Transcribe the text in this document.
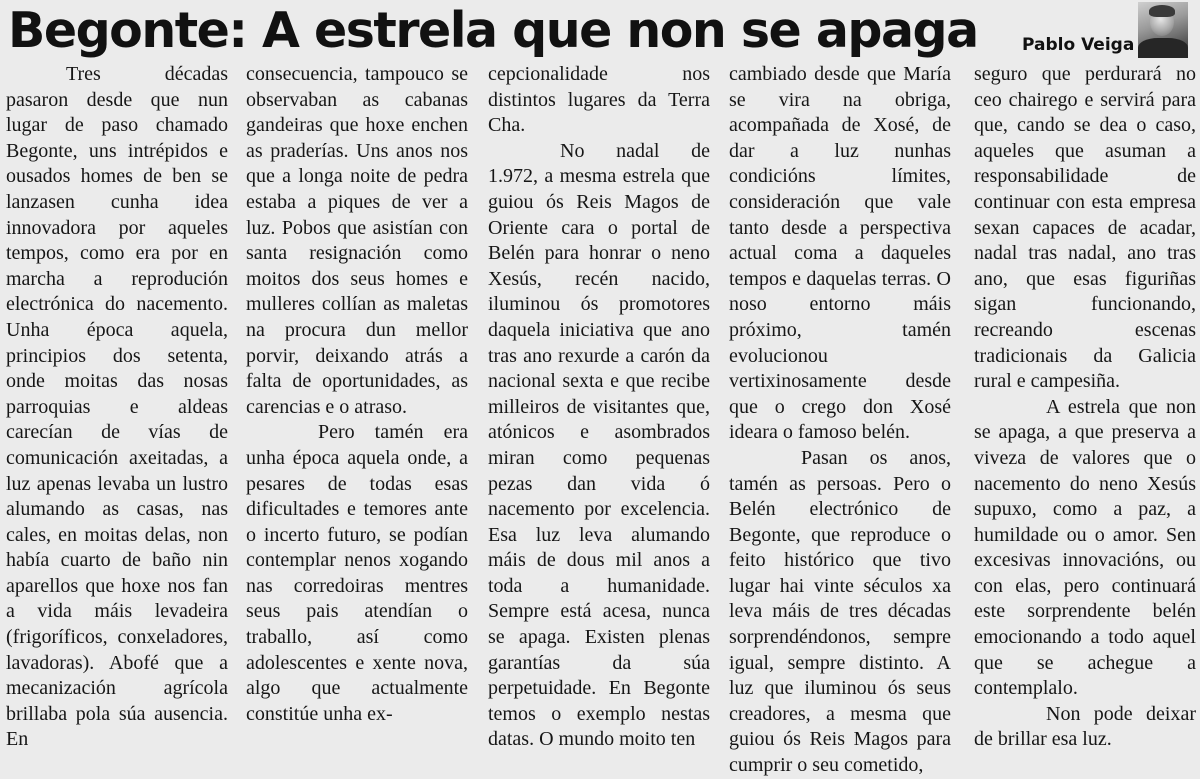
Begonte: A estrela que non se apaga	Pablo Veiga

Tres décadas pasaron desde que nun lugar de paso chamado Begonte, uns intrépidos e ousados homes de ben se lanzasen cunha idea innovadora por aqueles tempos, como era por en marcha a reprodución electrónica do nacemento. Unha época aquela, principios dos setenta, onde moitas das nosas parroquias e aldeas carecían de vías de comunicación axeitadas, a luz apenas levaba un lustro alumando as casas, nas cales, en moitas delas, non había cuarto de baño nin aparellos que hoxe nos fan a vida máis levadeira (frigoríficos, conxeladores, lavadoras). Abofé que a mecanización agrícola brillaba pola súa ausencia. En

consecuencia, tampouco se observaban as cabanas gandeiras que hoxe enchen as praderías. Uns anos nos que a longa noite de pedra estaba a piques de ver a luz. Pobos que asistían con santa resignación como moitos dos seus homes e mulleres collían as maletas na procura dun mellor porvir, deixando atrás a falta de oportunidades, as carencias e o atraso.

Pero tamén era unha época aquela onde, a pesares de todas esas dificultades e temores ante o incerto futuro, se podían contemplar nenos xogando nas corredoiras mentres seus pais atendían o traballo, así como adolescentes e xente nova, algo que actualmente constitúe unha ex-

cepcionalidade nos distintos lugares da Terra Cha.

No nadal de 1.972, a mesma estrela que guiou ós Reis Magos de Oriente cara o portal de Belén para honrar o neno Xesús, recén nacido, iluminou ós promotores daquela iniciativa que ano tras ano rexurde a carón da nacional sexta e que recibe milleiros de visitantes que, atónicos e asombrados miran como pequenas pezas dan vida ó nacemento por excelencia. Esa luz leva alumando máis de dous mil anos a toda a humanidade. Sempre está acesa, nunca se apaga. Existen plenas garantías da súa perpetuidade. En Begonte temos o exemplo nestas datas. O mundo moito ten

cambiado desde que María se vira na obriga, acompañada de Xosé, de dar a luz nunhas condicións límites, consideración que vale tanto desde a perspectiva actual coma a daqueles tempos e daquelas terras. O noso entorno máis próximo, tamén evolucionou vertixinosamente desde que o crego don Xosé ideara o famoso belén.

Pasan os anos, tamén as persoas. Pero o Belén electrónico de Begonte, que reproduce o feito histórico que tivo lugar hai vinte séculos xa leva máis de tres décadas sorprendéndonos, sempre igual, sempre distinto. A luz que iluminou ós seus creadores, a mesma que guiou ós Reis Magos para cumprir o seu cometido,

seguro que perdurará no ceo chairego e servirá para que, cando se dea o caso, aqueles que asuman a responsabilidade de continuar con esta empresa sexan capaces de acadar, nadal tras nadal, ano tras ano, que esas figuriñas sigan funcionando, recreando escenas tradicionais da Galicia rural e campesiña.

A estrela que non se apaga, a que preserva a viveza de valores que o nacemento do neno Xesús supuxo, como a paz, a humildade ou o amor. Sen excesivas innovacións, ou con elas, pero continuará este sorprendente belén emocionando a todo aquel que se achegue a contemplalo.

Non pode deixar de brillar esa luz.
